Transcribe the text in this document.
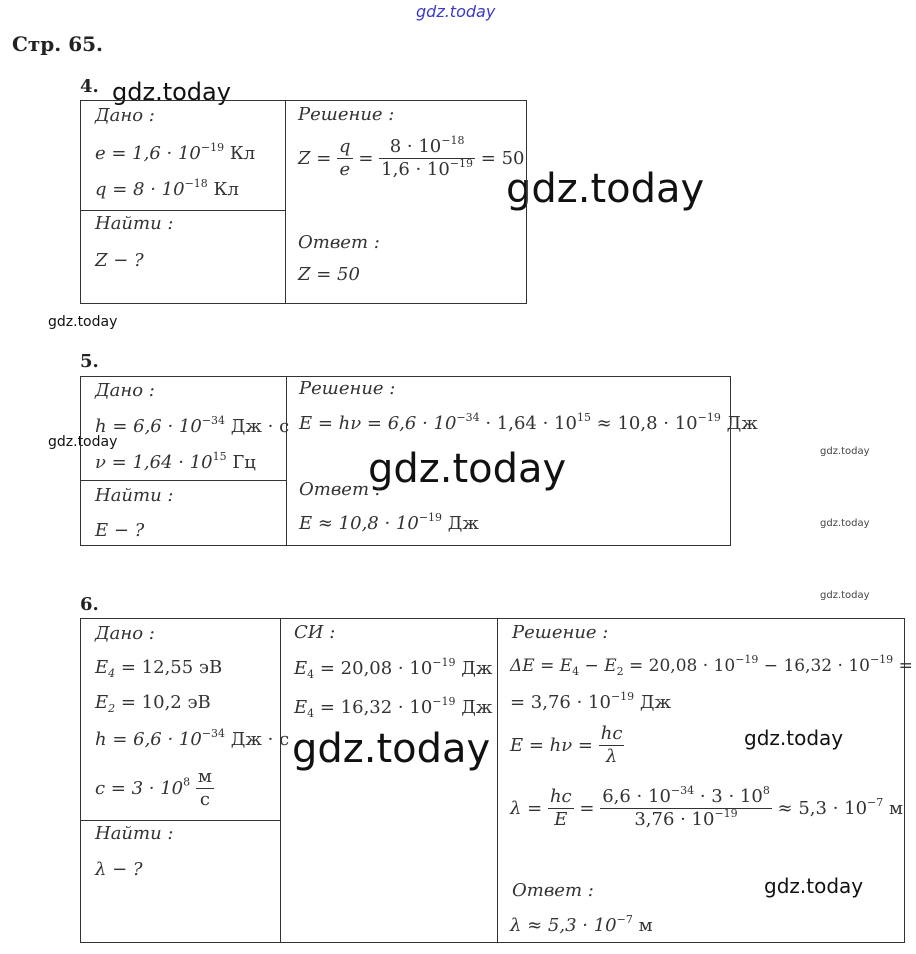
gdz.today
gdz.today
gdz.today
gdz.today
gdz.today
gdz.today	gdz.today
gdz.today
gdz.today
gdz.today	gdz.today
gdz.today
Стр. 65.
4.
Дано :
$e = 1,6 \cdot 10^{-19}$ Кл
$q = 8 \cdot 10^{-18}$ Кл
Найти :
Z − ?
Решение :
$Z = \frac{q}{e} = \frac{8 \cdot 10^{-18}}{1,6 \cdot 10^{-19}} = 50$
Ответ :
Z = 50
5.
Дано :
$h = 6,6 \cdot 10^{-34}$ Дж · с
$\nu = 1,64 \cdot 10^{15}$ Гц
Найти :
E − ?
Решение :
$E = h\nu = 6,6 \cdot 10^{-34} \cdot 1,64 \cdot 10^{15} \approx 10,8 \cdot 10^{-19}$ Дж
Ответ :
$E \approx 10,8 \cdot 10^{-19}$ Дж
6.
Дано :
$E_4 = 12,55$ эВ
$E_2 = 10,2$ эВ
$h = 6,6 \cdot 10^{-34}$ Дж · с
$c = 3 \cdot 10^8 \frac{м}{с}$
Найти :
λ − ?
СИ :
$E_4 = 20,08 \cdot 10^{-19}$ Дж
$E_4 = 16,32 \cdot 10^{-19}$ Дж
Решение :
$\Delta E = E_4 - E_2 = 20,08 \cdot 10^{-19} - 16,32 \cdot 10^{-19}$ =
= $3,76 \cdot 10^{-19}$ Дж
$E = h\nu = \frac{hc}{\lambda}$
$\lambda = \frac{hc}{E} = \frac{6,6 \cdot 10^{-34} \cdot 3 \cdot 10^8}{3,76 \cdot 10^{-19}} \approx 5,3 \cdot 10^{-7}$ м
Ответ :
$\lambda \approx 5,3 \cdot 10^{-7}$ м
